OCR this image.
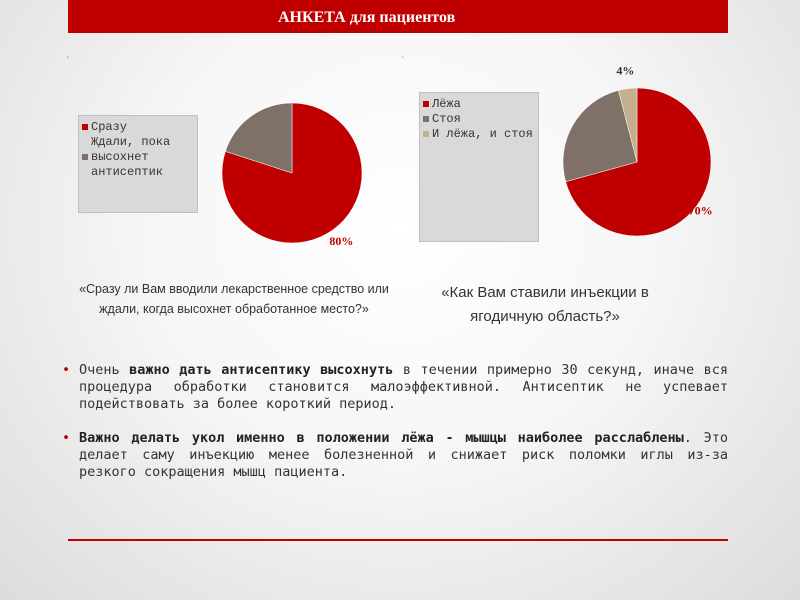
АНКЕТА для пациентов
`	`
Сразу
Ждали, пока
высохнет
антисептик
Лёжа
Стоя
И лёжа, и стоя
80%
20%
70%
25%
4%
«Сразу ли Вам вводили лекарственное средство или ждали, когда высохнет обработанное место?»
«Как Вам ставили инъекции в ягодичную область?»
• Очень важно дать антисептику высохнуть в течении примерно 30 секунд, иначе вся процедура обработки становится малоэффективной. Антисептик не успевает подействовать за более короткий период.
• Важно делать укол именно в положении лёжа - мышцы наиболее расслаблены. Это делает саму инъекцию менее болезненной и снижает риск поломки иглы из-за резкого сокращения мышц пациента.
